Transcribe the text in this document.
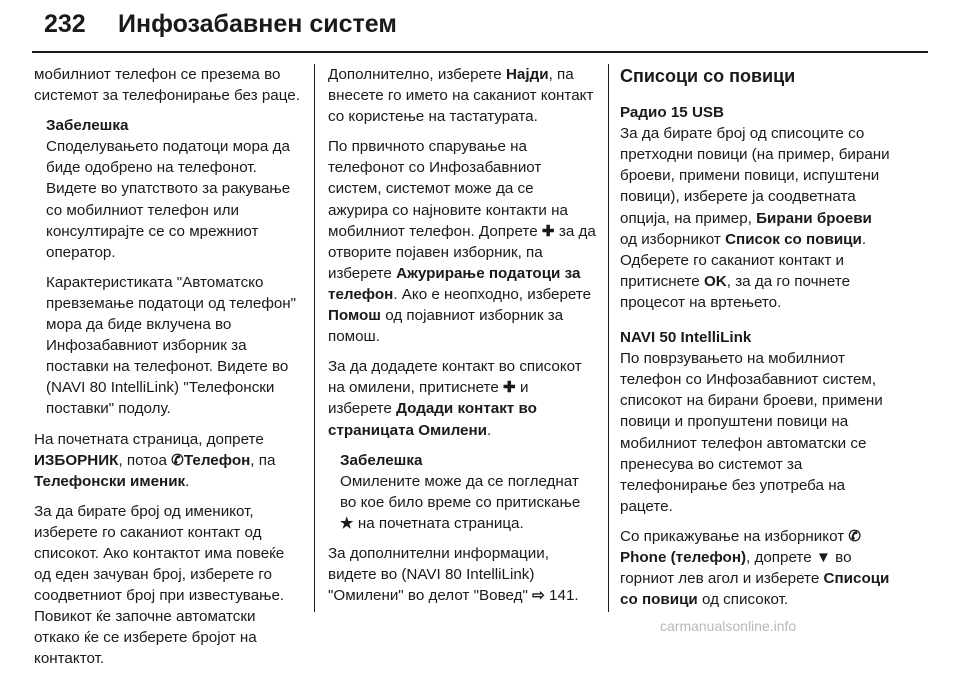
232 Инфозабавнен систем

мобилниот телефон се презема во системот за телефонирање без раце.

Забелешка

Споделувањето податоци мора да биде одобрено на телефонот. Видете во упатството за ракување со мобилниот телефон или консултирајте се со мрежниот оператор.

Карактеристиката "Автоматско превземање податоци од телефон" мора да биде вклучена во Инфозабавниот изборник за поставки на телефонот. Видете во (NAVI 80 IntelliLink) "Телефонски поставки" подолу.

На почетната страница, допрете ИЗБОРНИК, потоа ✆Телефон, па Телефонски именик.

За да бирате број од именикот, изберете го саканиот контакт од списокот. Ако контактот има повеќе од еден зачуван број, изберете го соодветниот број при известување. Повикот ќе започне автоматски откако ќе се изберете бројот на контактот.

Дополнително, изберете Најди, па внесете го името на саканиот контакт со користење на тастатурата.

По првичното спарување на телефонот со Инфозабавниот систем, системот може да се ажурира со најновите контакти на мобилниот телефон. Допрете ✚ за да отворите појавен изборник, па изберете Ажурирање податоци за телефон. Ако е неопходно, изберете Помош од појавниот изборник за помош.

За да додадете контакт во списокот на омилени, притиснете ✚ и изберете Додади контакт во страницата Омилени.

Забелешка

Омилените може да се погледнат во кое било време со притискање ★ на почетната страница.

За дополнителни информации, видете во (NAVI 80 IntelliLink) "Омилени" во делот "Вовед" ⇨ 141.

Списоци со повици
Радио 15 USB

За да бирате број од списоците со претходни повици (на пример, бирани броеви, примени повици, испуштени повици), изберете ја соодветната опција, на пример, Бирани броеви од изборникот Список со повици. Одберете го саканиот контакт и притиснете OK, за да го почнете процесот на вртењето.

NAVI 50 IntelliLink

По поврзувањето на мобилниот телефон со Инфозабавниот систем, списокот на бирани броеви, примени повици и пропуштени повици на мобилниот телефон автоматски се пренесува во системот за телефонирање без употреба на рацете.

Со прикажување на изборникот ✆Phone (телефон), допрете ▼ во горниот лев агол и изберете Списоци со повици од списокот.

carmanualsonline.info
